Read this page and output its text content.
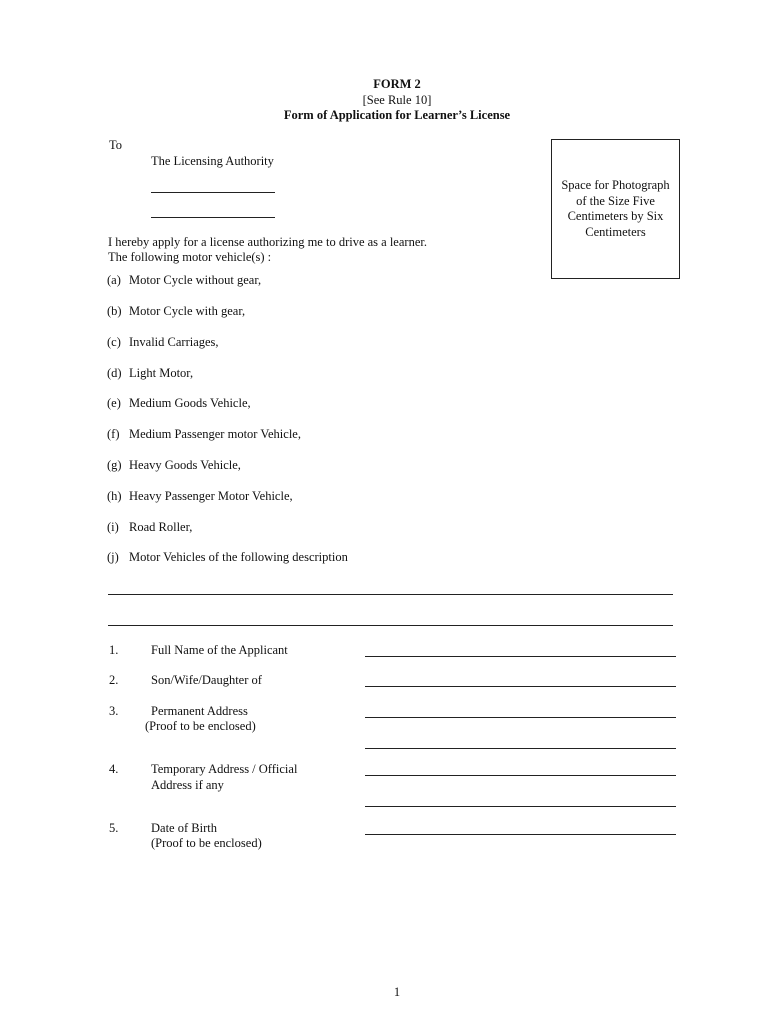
FORM 2
[See Rule 10]
Form of Application for Learner’s License
To
The Licensing Authority
Space for Photograph
of the Size Five
Centimeters by Six
Centimeters
I hereby apply for a license authorizing me to drive as a learner.
The following motor vehicle(s) :
(a) Motor Cycle without gear,
(b) Motor Cycle with gear,
(c) Invalid Carriages,
(d) Light Motor,
(e) Medium Goods Vehicle,
(f) Medium Passenger motor Vehicle,
(g) Heavy Goods Vehicle,
(h) Heavy Passenger Motor Vehicle,
(i) Road Roller,
(j) Motor Vehicles of the following description
1.	Full Name of the Applicant
2.	Son/Wife/Daughter of
3.	Permanent Address
(Proof to be enclosed)
4.	Temporary Address / Official
Address if any
5.	Date of Birth
(Proof to be enclosed)
1
